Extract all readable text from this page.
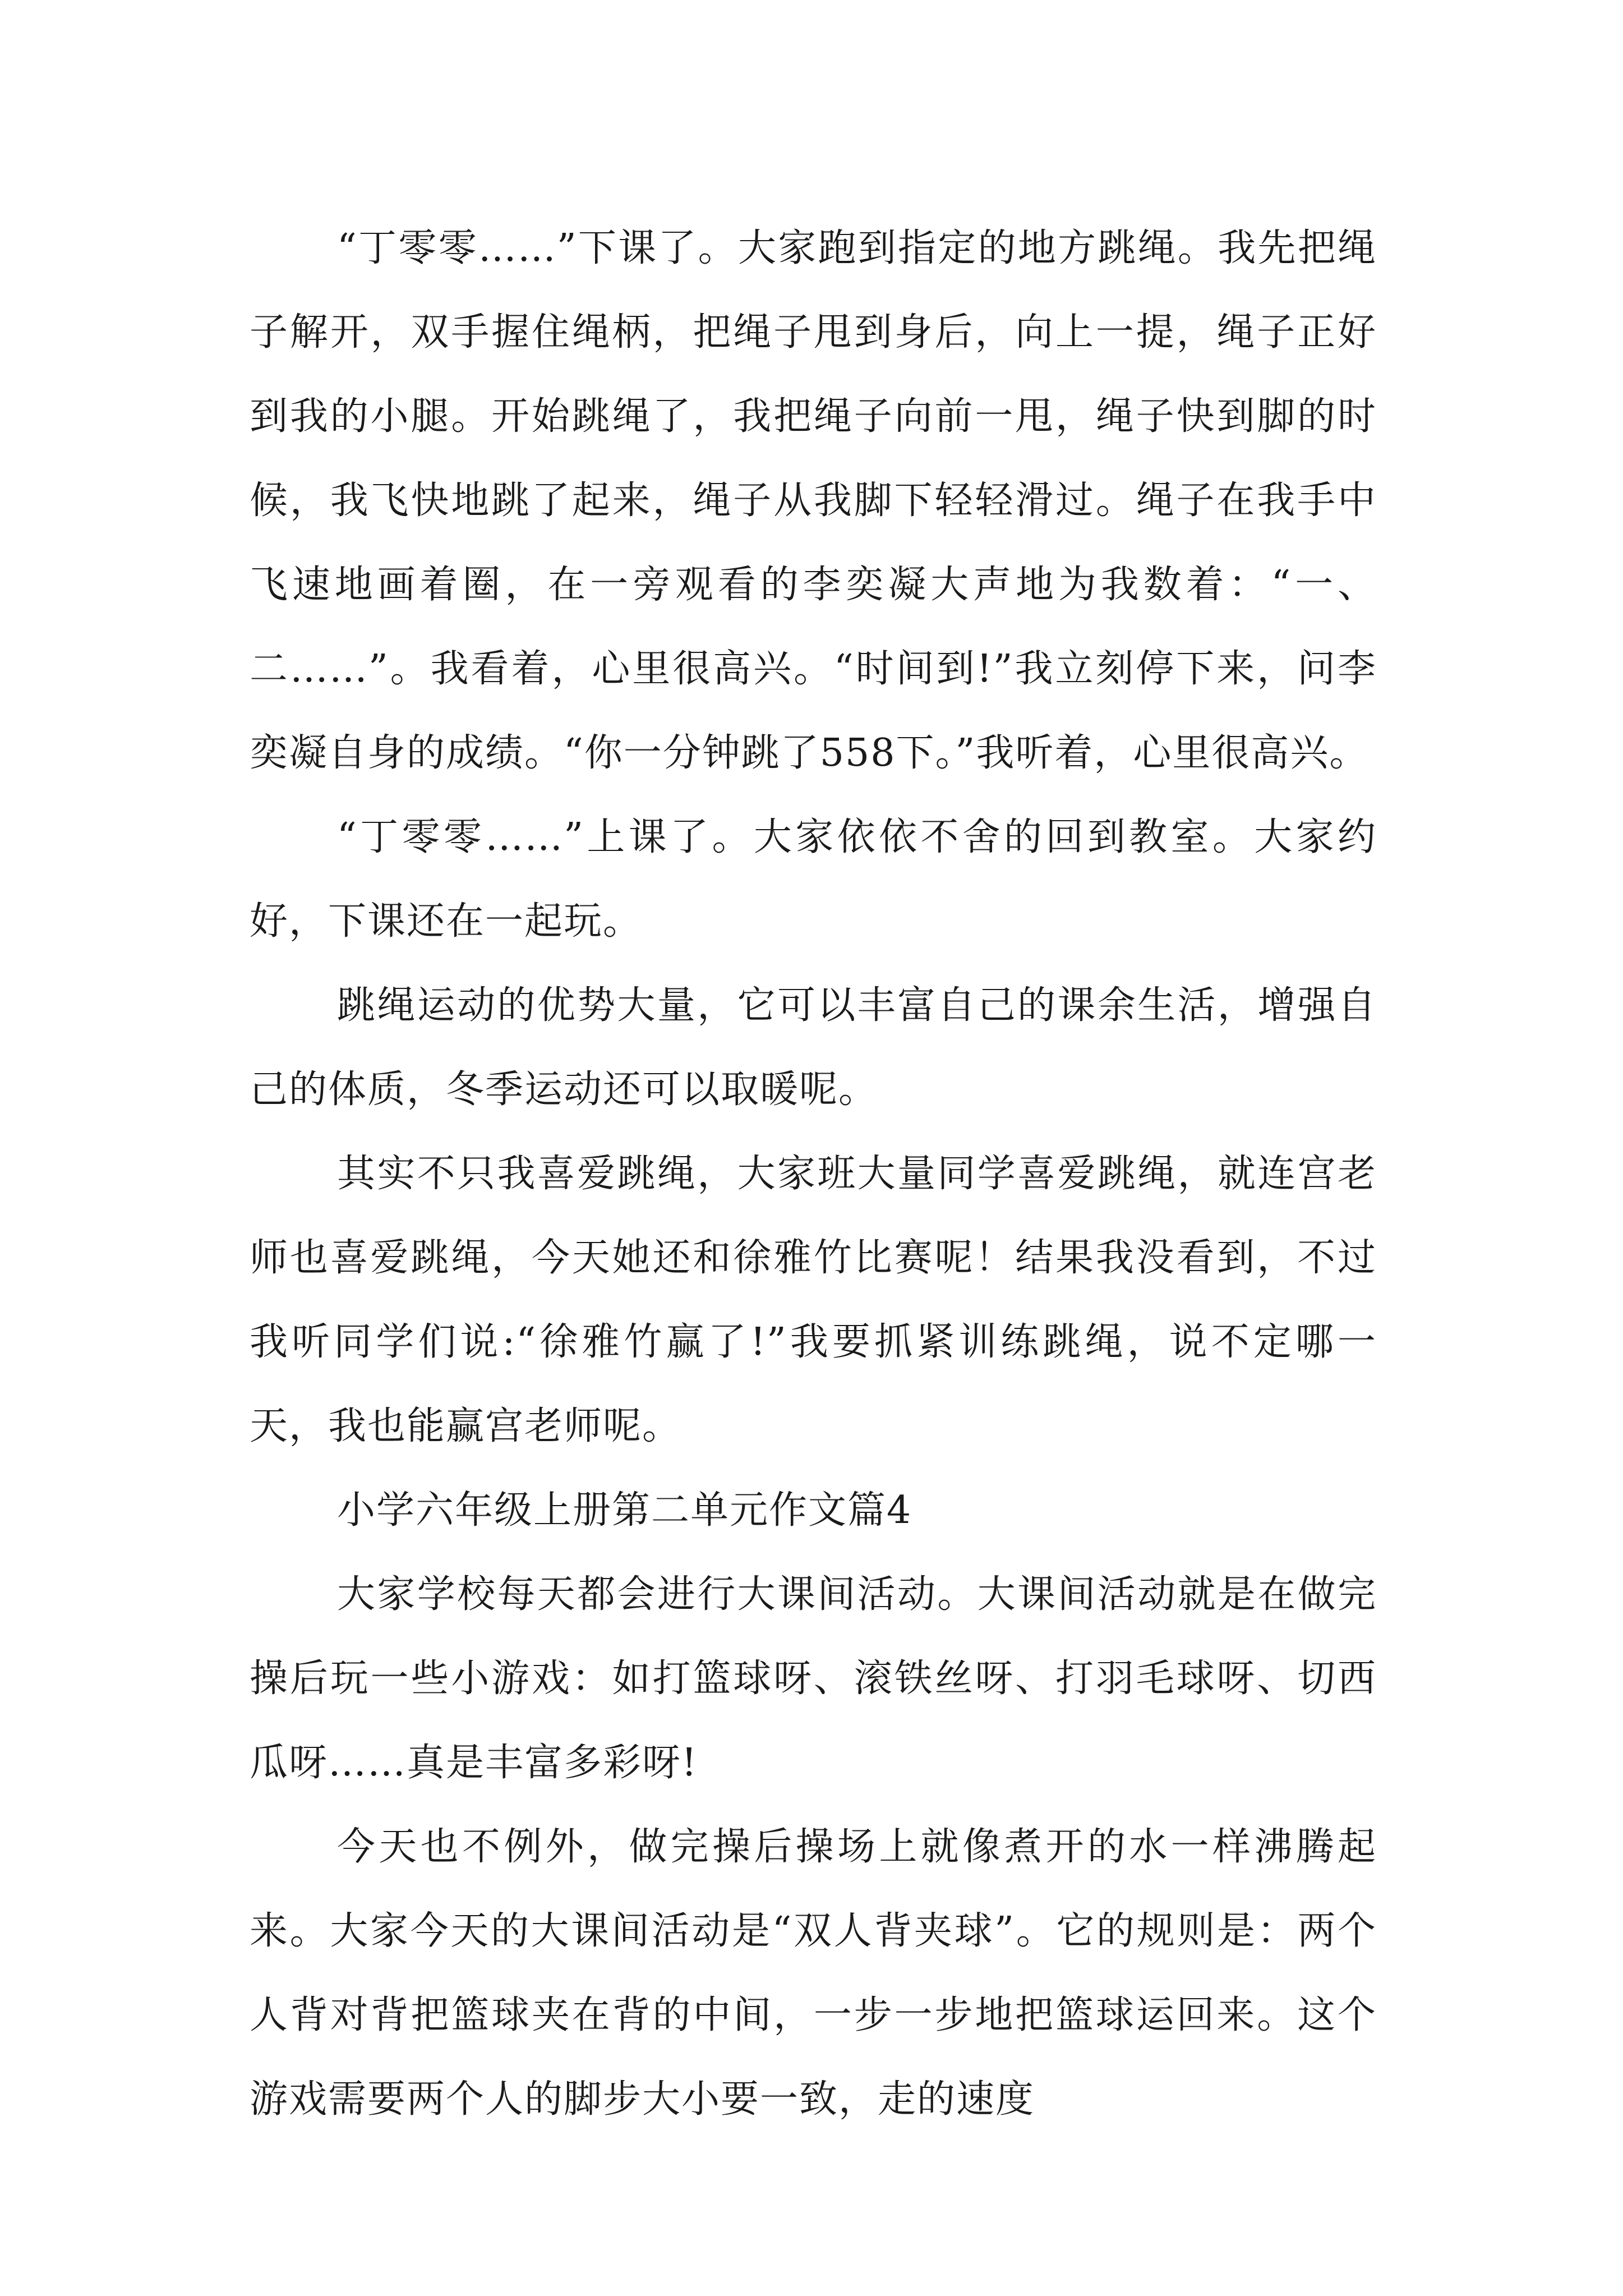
“丁零零……”下课了。大家跑到指定的地方跳绳。我先把绳子解开，双手握住绳柄，把绳子甩到身后，向上一提，绳子正好到我的小腿。开始跳绳了，我把绳子向前一甩，绳子快到脚的时候，我飞快地跳了起来，绳子从我脚下轻轻滑过。绳子在我手中飞速地画着圈，在一旁观看的李奕凝大声地为我数着：“一、二……”。我看着，心里很高兴。“时间到!”我立刻停下来，问李奕凝自身的成绩。“你一分钟跳了558下。”我听着，心里很高兴。

“丁零零……”上课了。大家依依不舍的回到教室。大家约好，下课还在一起玩。

跳绳运动的优势大量，它可以丰富自己的课余生活，增强自己的体质，冬季运动还可以取暖呢。

其实不只我喜爱跳绳，大家班大量同学喜爱跳绳，就连宫老师也喜爱跳绳，今天她还和徐雅竹比赛呢！结果我没看到，不过我听同学们说:“徐雅竹赢了!”我要抓紧训练跳绳，说不定哪一天，我也能赢宫老师呢。

小学六年级上册第二单元作文篇4

大家学校每天都会进行大课间活动。大课间活动就是在做完操后玩一些小游戏：如打篮球呀、滚铁丝呀、打羽毛球呀、切西瓜呀……真是丰富多彩呀!

今天也不例外，做完操后操场上就像煮开的水一样沸腾起来。大家今天的大课间活动是“双人背夹球”。它的规则是：两个人背对背把篮球夹在背的中间，一步一步地把篮球运回来。这个游戏需要两个人的脚步大小要一致，走的速度
